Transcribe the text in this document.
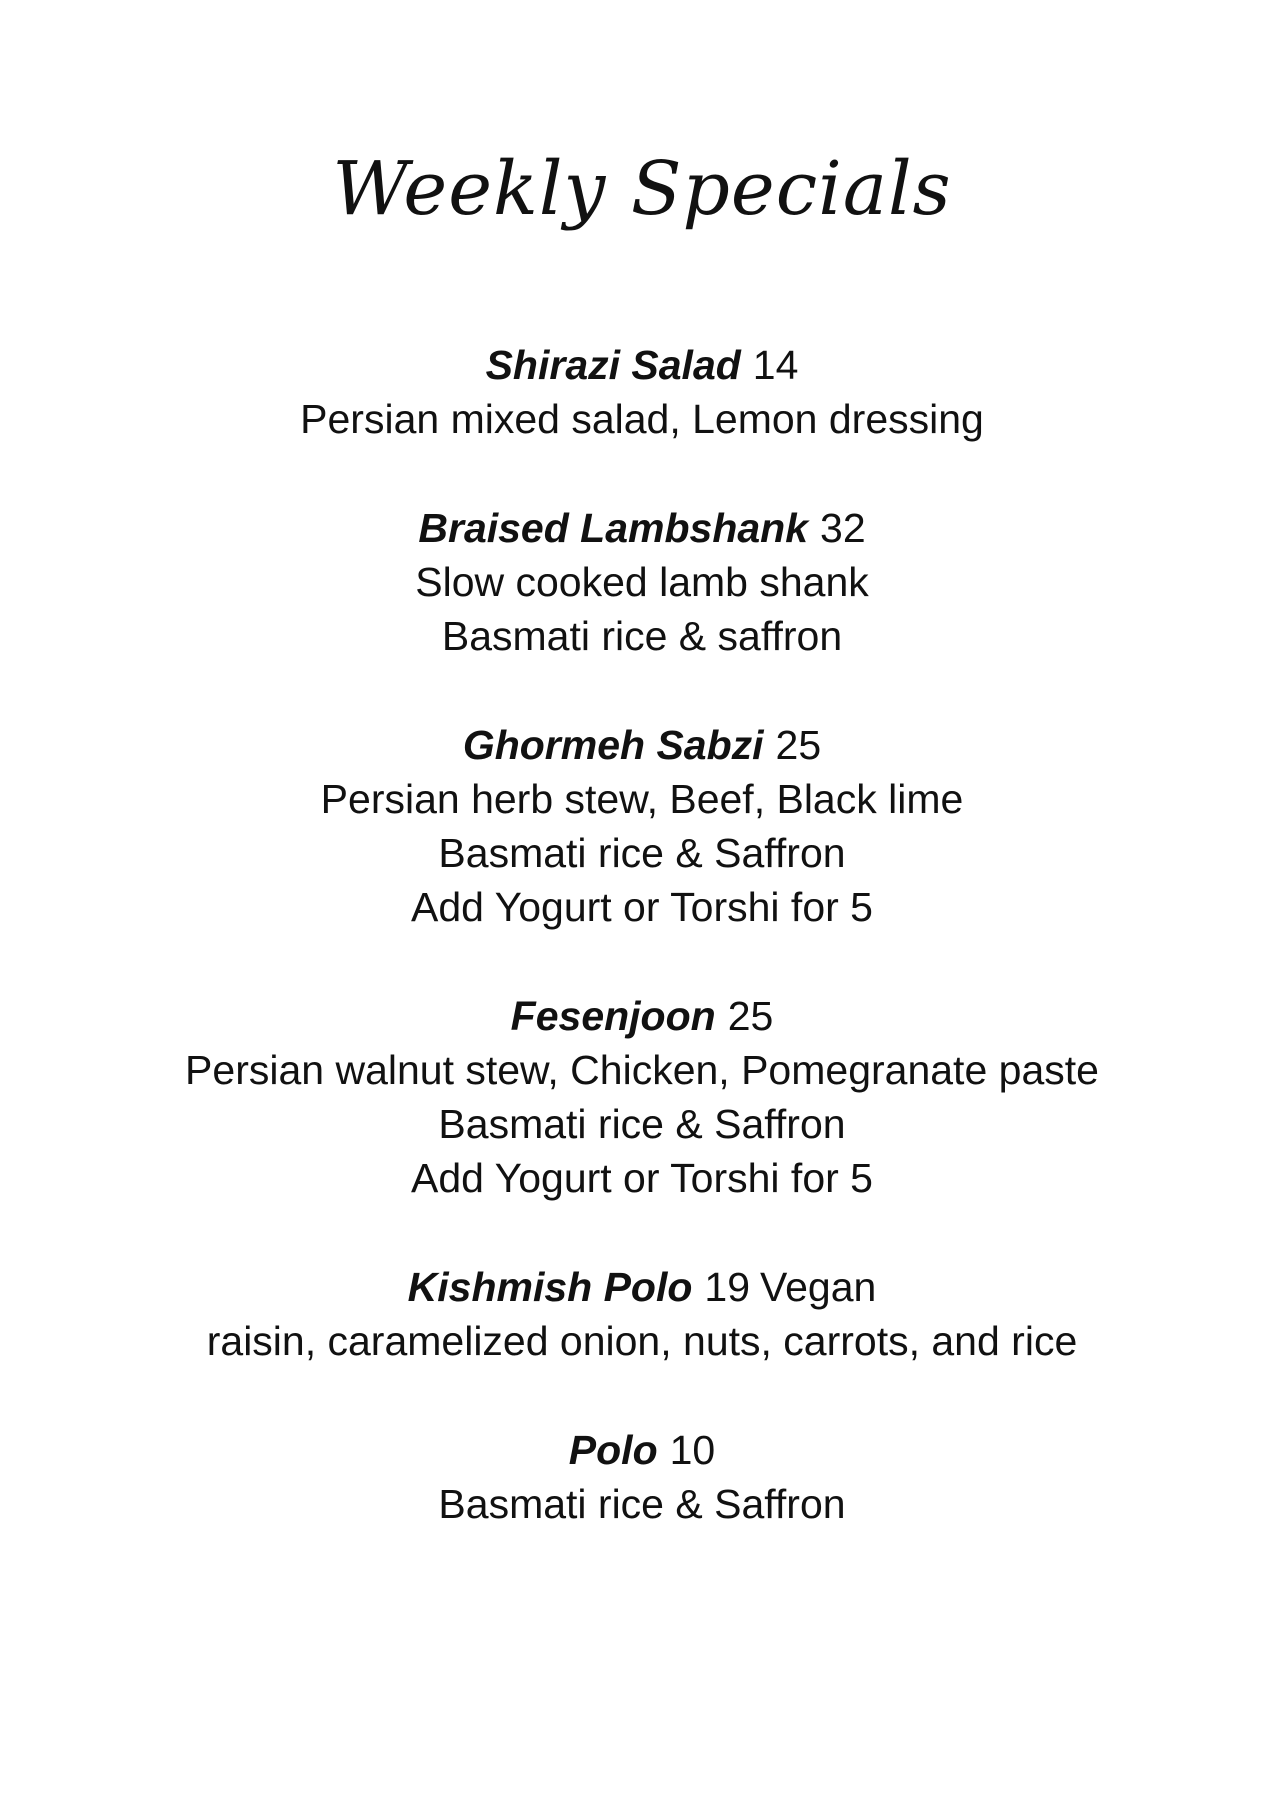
Weekly Specials
Shirazi Salad 14
Persian mixed salad, Lemon dressing
Braised Lambshank 32
Slow cooked lamb shank
Basmati rice & saffron
Ghormeh Sabzi 25
Persian herb stew, Beef, Black lime
Basmati rice & Saffron
Add Yogurt or Torshi for 5
Fesenjoon 25
Persian walnut stew, Chicken, Pomegranate paste
Basmati rice & Saffron
Add Yogurt or Torshi for 5
Kishmish Polo 19 Vegan
raisin, caramelized onion, nuts, carrots, and rice
Polo 10
Basmati rice & Saffron
